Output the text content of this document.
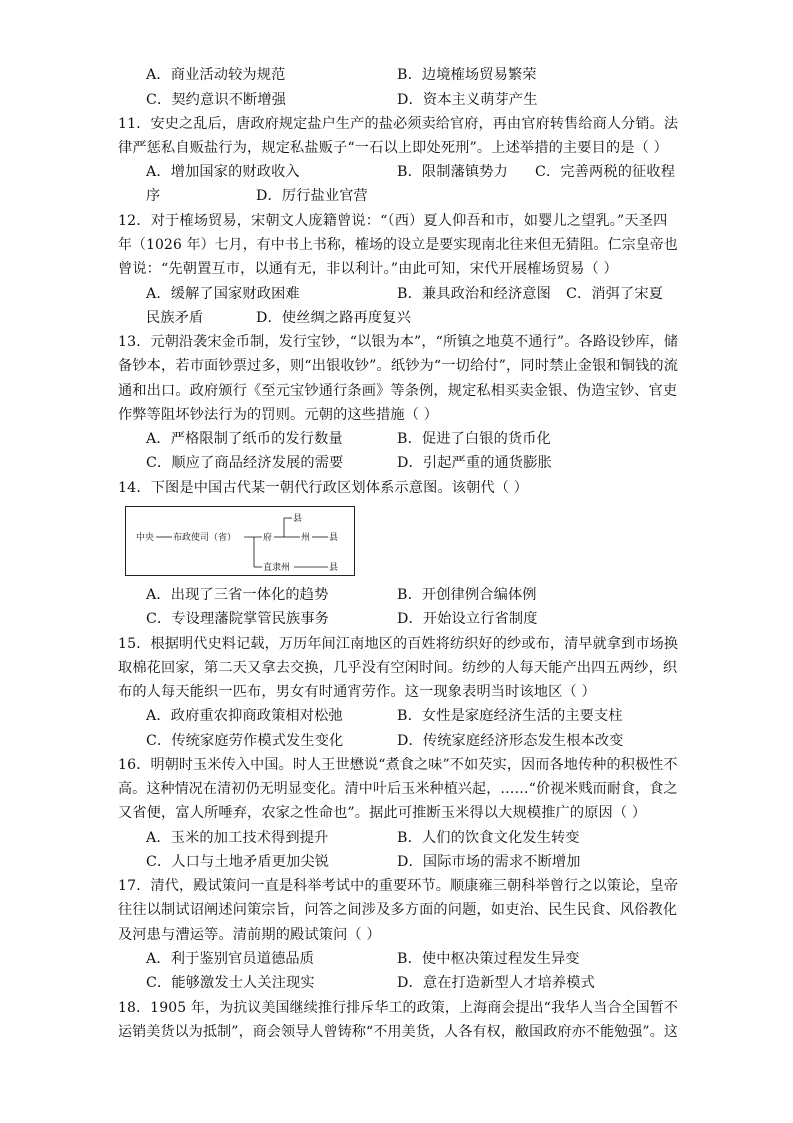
A．商业活动较为规范	B．边境榷场贸易繁荣
C．契约意识不断增强	D．资本主义萌芽产生
11．安史之乱后，唐政府规定盐户生产的盐必须卖给官府，再由官府转售给商人分销。法
律严惩私自贩盐行为，规定私盐贩子“一石以上即处死刑”。上述举措的主要目的是（ ）
A．增加国家的财政收入	B．限制藩镇势力 C．完善两税的征收程
序	D．厉行盐业官营
12．对于榷场贸易，宋朝文人庞籍曾说：“（西）夏人仰吾和市，如婴儿之望乳。”天圣四
年（1026 年）七月，有中书上书称，榷场的设立是要实现南北往来但无猜阻。仁宗皇帝也
曾说：“先朝置互市，以通有无，非以利计。”由此可知，宋代开展榷场贸易（ ）
A．缓解了国家财政困难	B．兼具政治和经济意图 C．消弭了宋夏
民族矛盾	D．使丝绸之路再度复兴
13．元朝沿袭宋金币制，发行宝钞，“以银为本”，“所镇之地莫不通行”。各路设钞库，储
备钞本，若市面钞票过多，则“出银收钞”。纸钞为“一切给付”，同时禁止金银和铜钱的流
通和出口。政府颁行《至元宝钞通行条画》等条例，规定私相买卖金银、伪造宝钞、官吏
作弊等阻坏钞法行为的罚则。元朝的这些措施（ ）
A．严格限制了纸币的发行数量	B．促进了白银的货币化
C．顺应了商品经济发展的需要	D．引起严重的通货膨胀
14．下图是中国古代某一朝代行政区划体系示意图。该朝代（ ）
中央 布政使司（省）	府
县
州 县
直隶州	县
A．出现了三省一体化的趋势	B．开创律例合编体例
C．专设理藩院掌管民族事务	D．开始设立行省制度
15．根据明代史料记载，万历年间江南地区的百姓将纺织好的纱或布，清早就拿到市场换
取棉花回家，第二天又拿去交换，几乎没有空闲时间。纺纱的人每天能产出四五两纱，织
布的人每天能织一匹布，男女有时通宵劳作。这一现象表明当时该地区（ ）
A．政府重农抑商政策相对松弛	B．女性是家庭经济生活的主要支柱
C．传统家庭劳作模式发生变化	D．传统家庭经济形态发生根本改变
16．明朝时玉米传入中国。时人王世懋说“煮食之味”不如芡实，因而各地传种的积极性不
高。这种情况在清初仍无明显变化。清中叶后玉米种植兴起，……“价视米贱而耐食，食之
又省便，富人所唾弃，农家之性命也”。据此可推断玉米得以大规模推广的原因（ ）
A．玉米的加工技术得到提升	B．人们的饮食文化发生转变
C．人口与土地矛盾更加尖锐	D．国际市场的需求不断增加
17．清代，殿试策问一直是科举考试中的重要环节。顺康雍三朝科举曾行之以策论，皇帝
往往以制试诏阐述问策宗旨，问答之间涉及多方面的问题，如吏治、民生民食、风俗教化
及河患与漕运等。清前期的殿试策问（ ）
A．利于鉴别官员道德品质	B．使中枢决策过程发生异变
C．能够激发士人关注现实	D．意在打造新型人才培养模式
18．1905 年，为抗议美国继续推行排斥华工的政策，上海商会提出“我华人当合全国暂不
运销美货以为抵制”，商会领导人曾铸称“不用美货，人各有权，敝国政府亦不能勉强”。这
